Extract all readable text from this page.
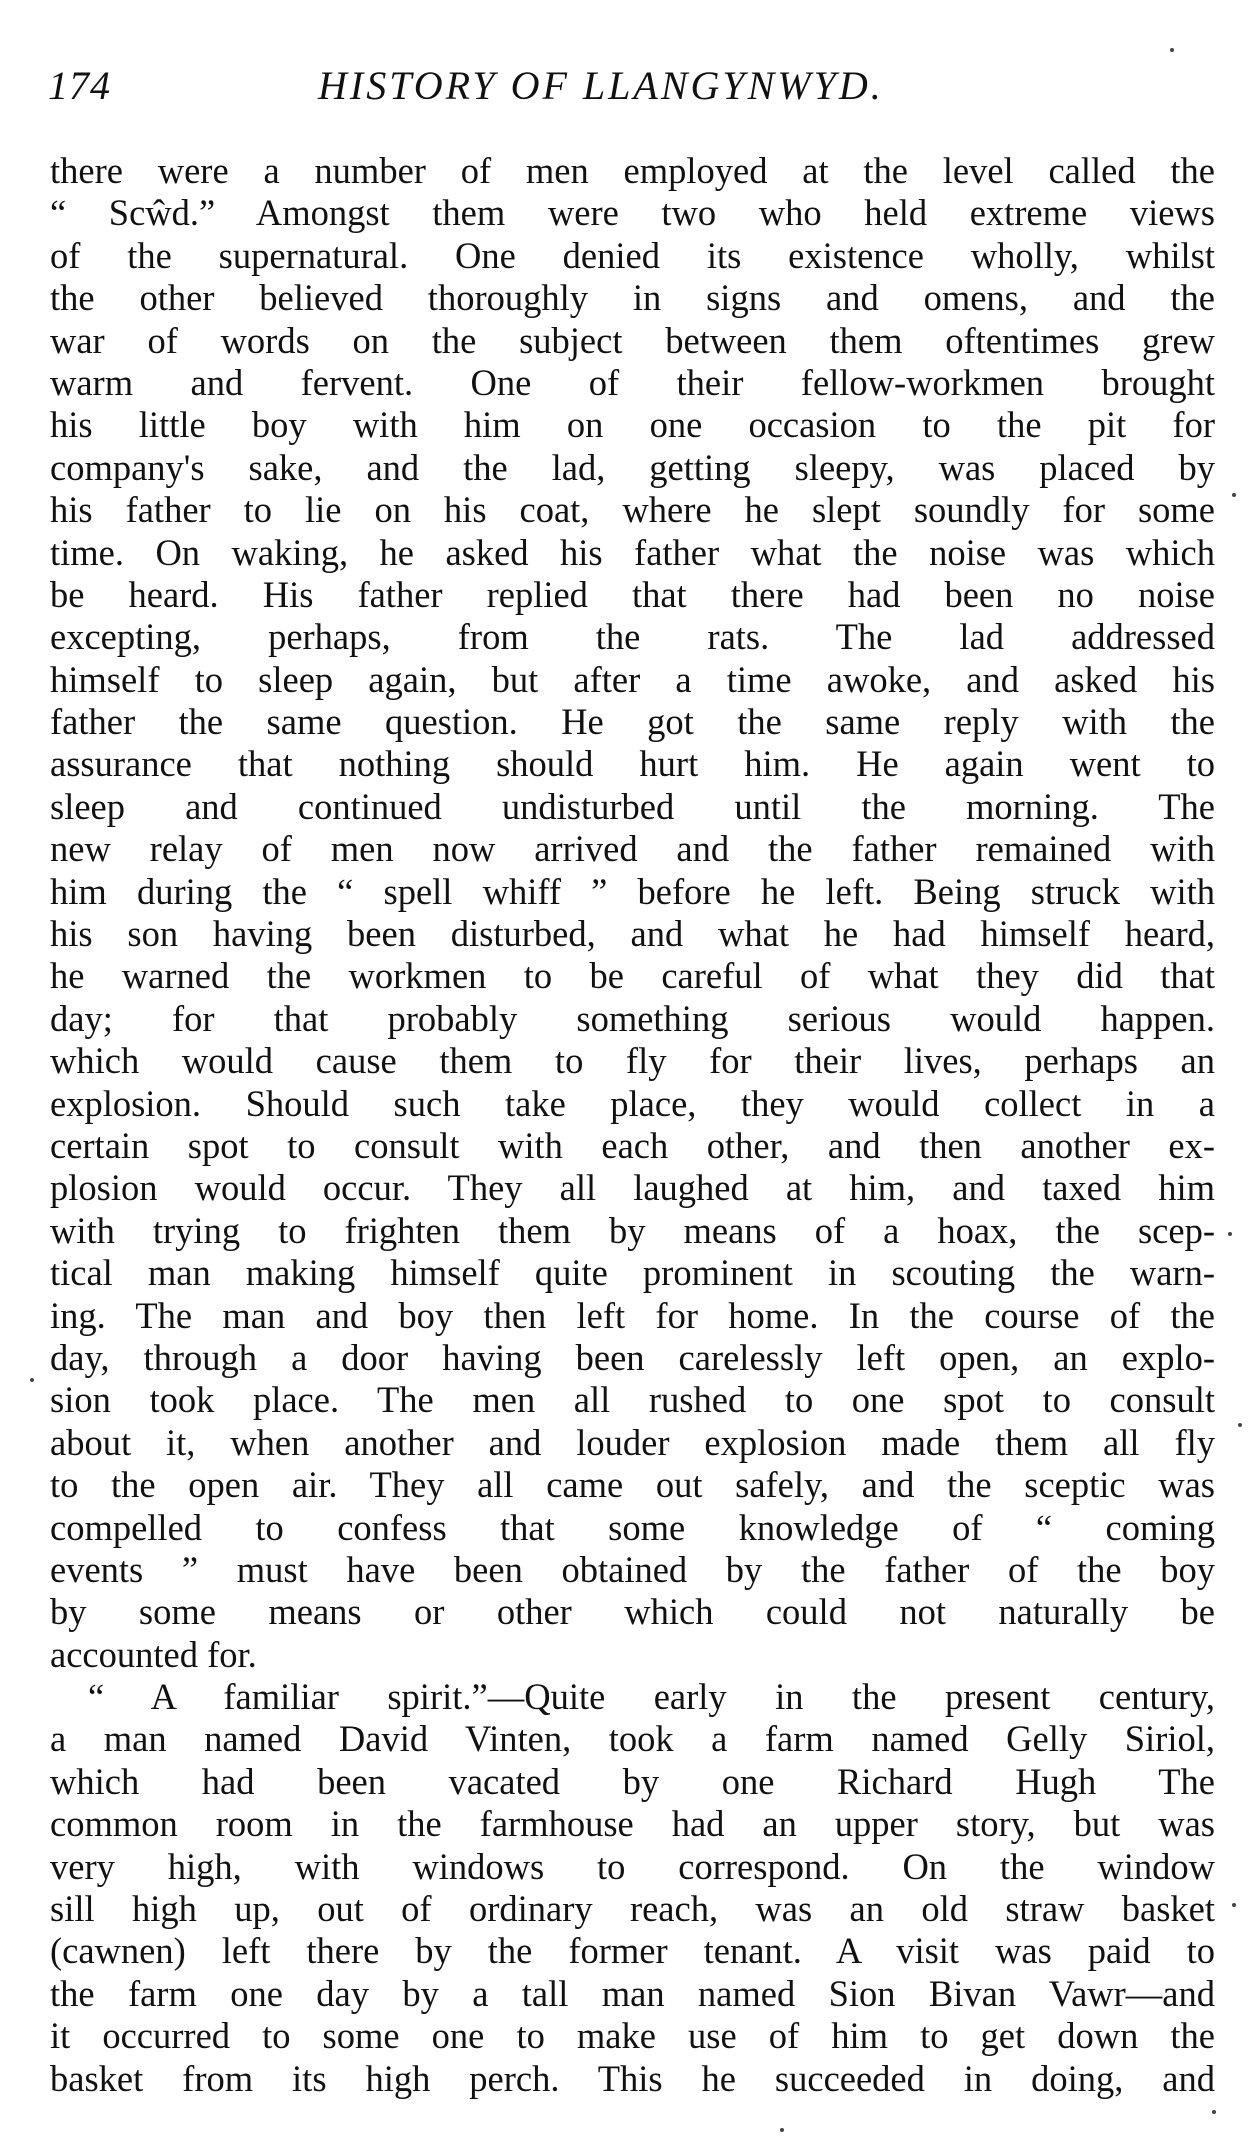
174	HISTORY OF LLANGYNWYD.
there were a number of men employed at the level called the
“ Scŵd.” Amongst them were two who held extreme views
of the supernatural. One denied its existence wholly, whilst
the other believed thoroughly in signs and omens, and the
war of words on the subject between them oftentimes grew
warm and fervent. One of their fellow-workmen brought
his little boy with him on one occasion to the pit for
company's sake, and the lad, getting sleepy, was placed by
his father to lie on his coat, where he slept soundly for some
time. On waking, he asked his father what the noise was which
be heard. His father replied that there had been no noise
excepting, perhaps, from the rats. The lad addressed
himself to sleep again, but after a time awoke, and asked his
father the same question. He got the same reply with the
assurance that nothing should hurt him. He again went to
sleep and continued undisturbed until the morning. The
new relay of men now arrived and the father remained with
him during the “ spell whiff ” before he left. Being struck with
his son having been disturbed, and what he had himself heard,
he warned the workmen to be careful of what they did that
day; for that probably something serious would happen.
which would cause them to fly for their lives, perhaps an
explosion. Should such take place, they would collect in a
certain spot to consult with each other, and then another ex-
plosion would occur. They all laughed at him, and taxed him
with trying to frighten them by means of a hoax, the scep-
tical man making himself quite prominent in scouting the warn-
ing. The man and boy then left for home. In the course of the
day, through a door having been carelessly left open, an explo-
sion took place. The men all rushed to one spot to consult
about it, when another and louder explosion made them all fly
to the open air. They all came out safely, and the sceptic was
compelled to confess that some knowledge of “ coming
events ” must have been obtained by the father of the boy
by some means or other which could not naturally be
accounted for.
“ A familiar spirit.”—Quite early in the present century,
a man named David Vinten, took a farm named Gelly Siriol,
which had been vacated by one Richard Hugh The
common room in the farmhouse had an upper story, but was
very high, with windows to correspond. On the window
sill high up, out of ordinary reach, was an old straw basket
(cawnen) left there by the former tenant. A visit was paid to
the farm one day by a tall man named Sion Bivan Vawr—and
it occurred to some one to make use of him to get down the
basket from its high perch. This he succeeded in doing, and
